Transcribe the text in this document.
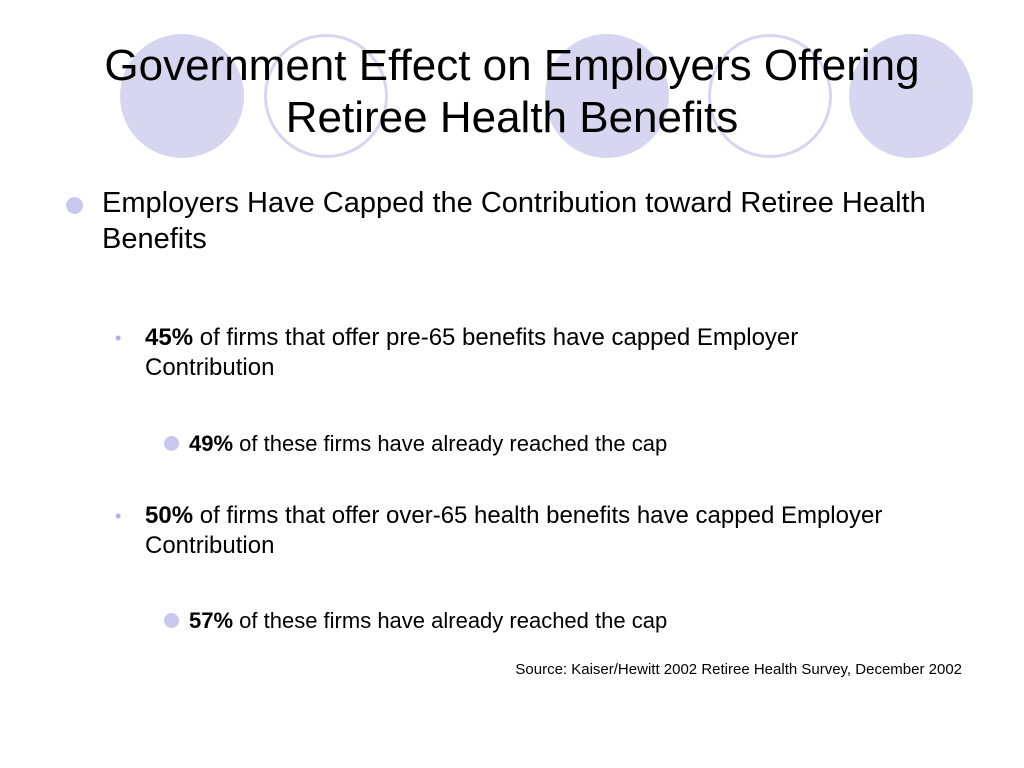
Government Effect on Employers Offering
Retiree Health Benefits
Employers Have Capped the Contribution toward Retiree Health Benefits
• 45% of firms that offer pre-65 benefits have capped Employer Contribution
49% of these firms have already reached the cap
• 50% of firms that offer over-65 health benefits have capped Employer Contribution
57% of these firms have already reached the cap
Source: Kaiser/Hewitt 2002 Retiree Health Survey, December 2002
